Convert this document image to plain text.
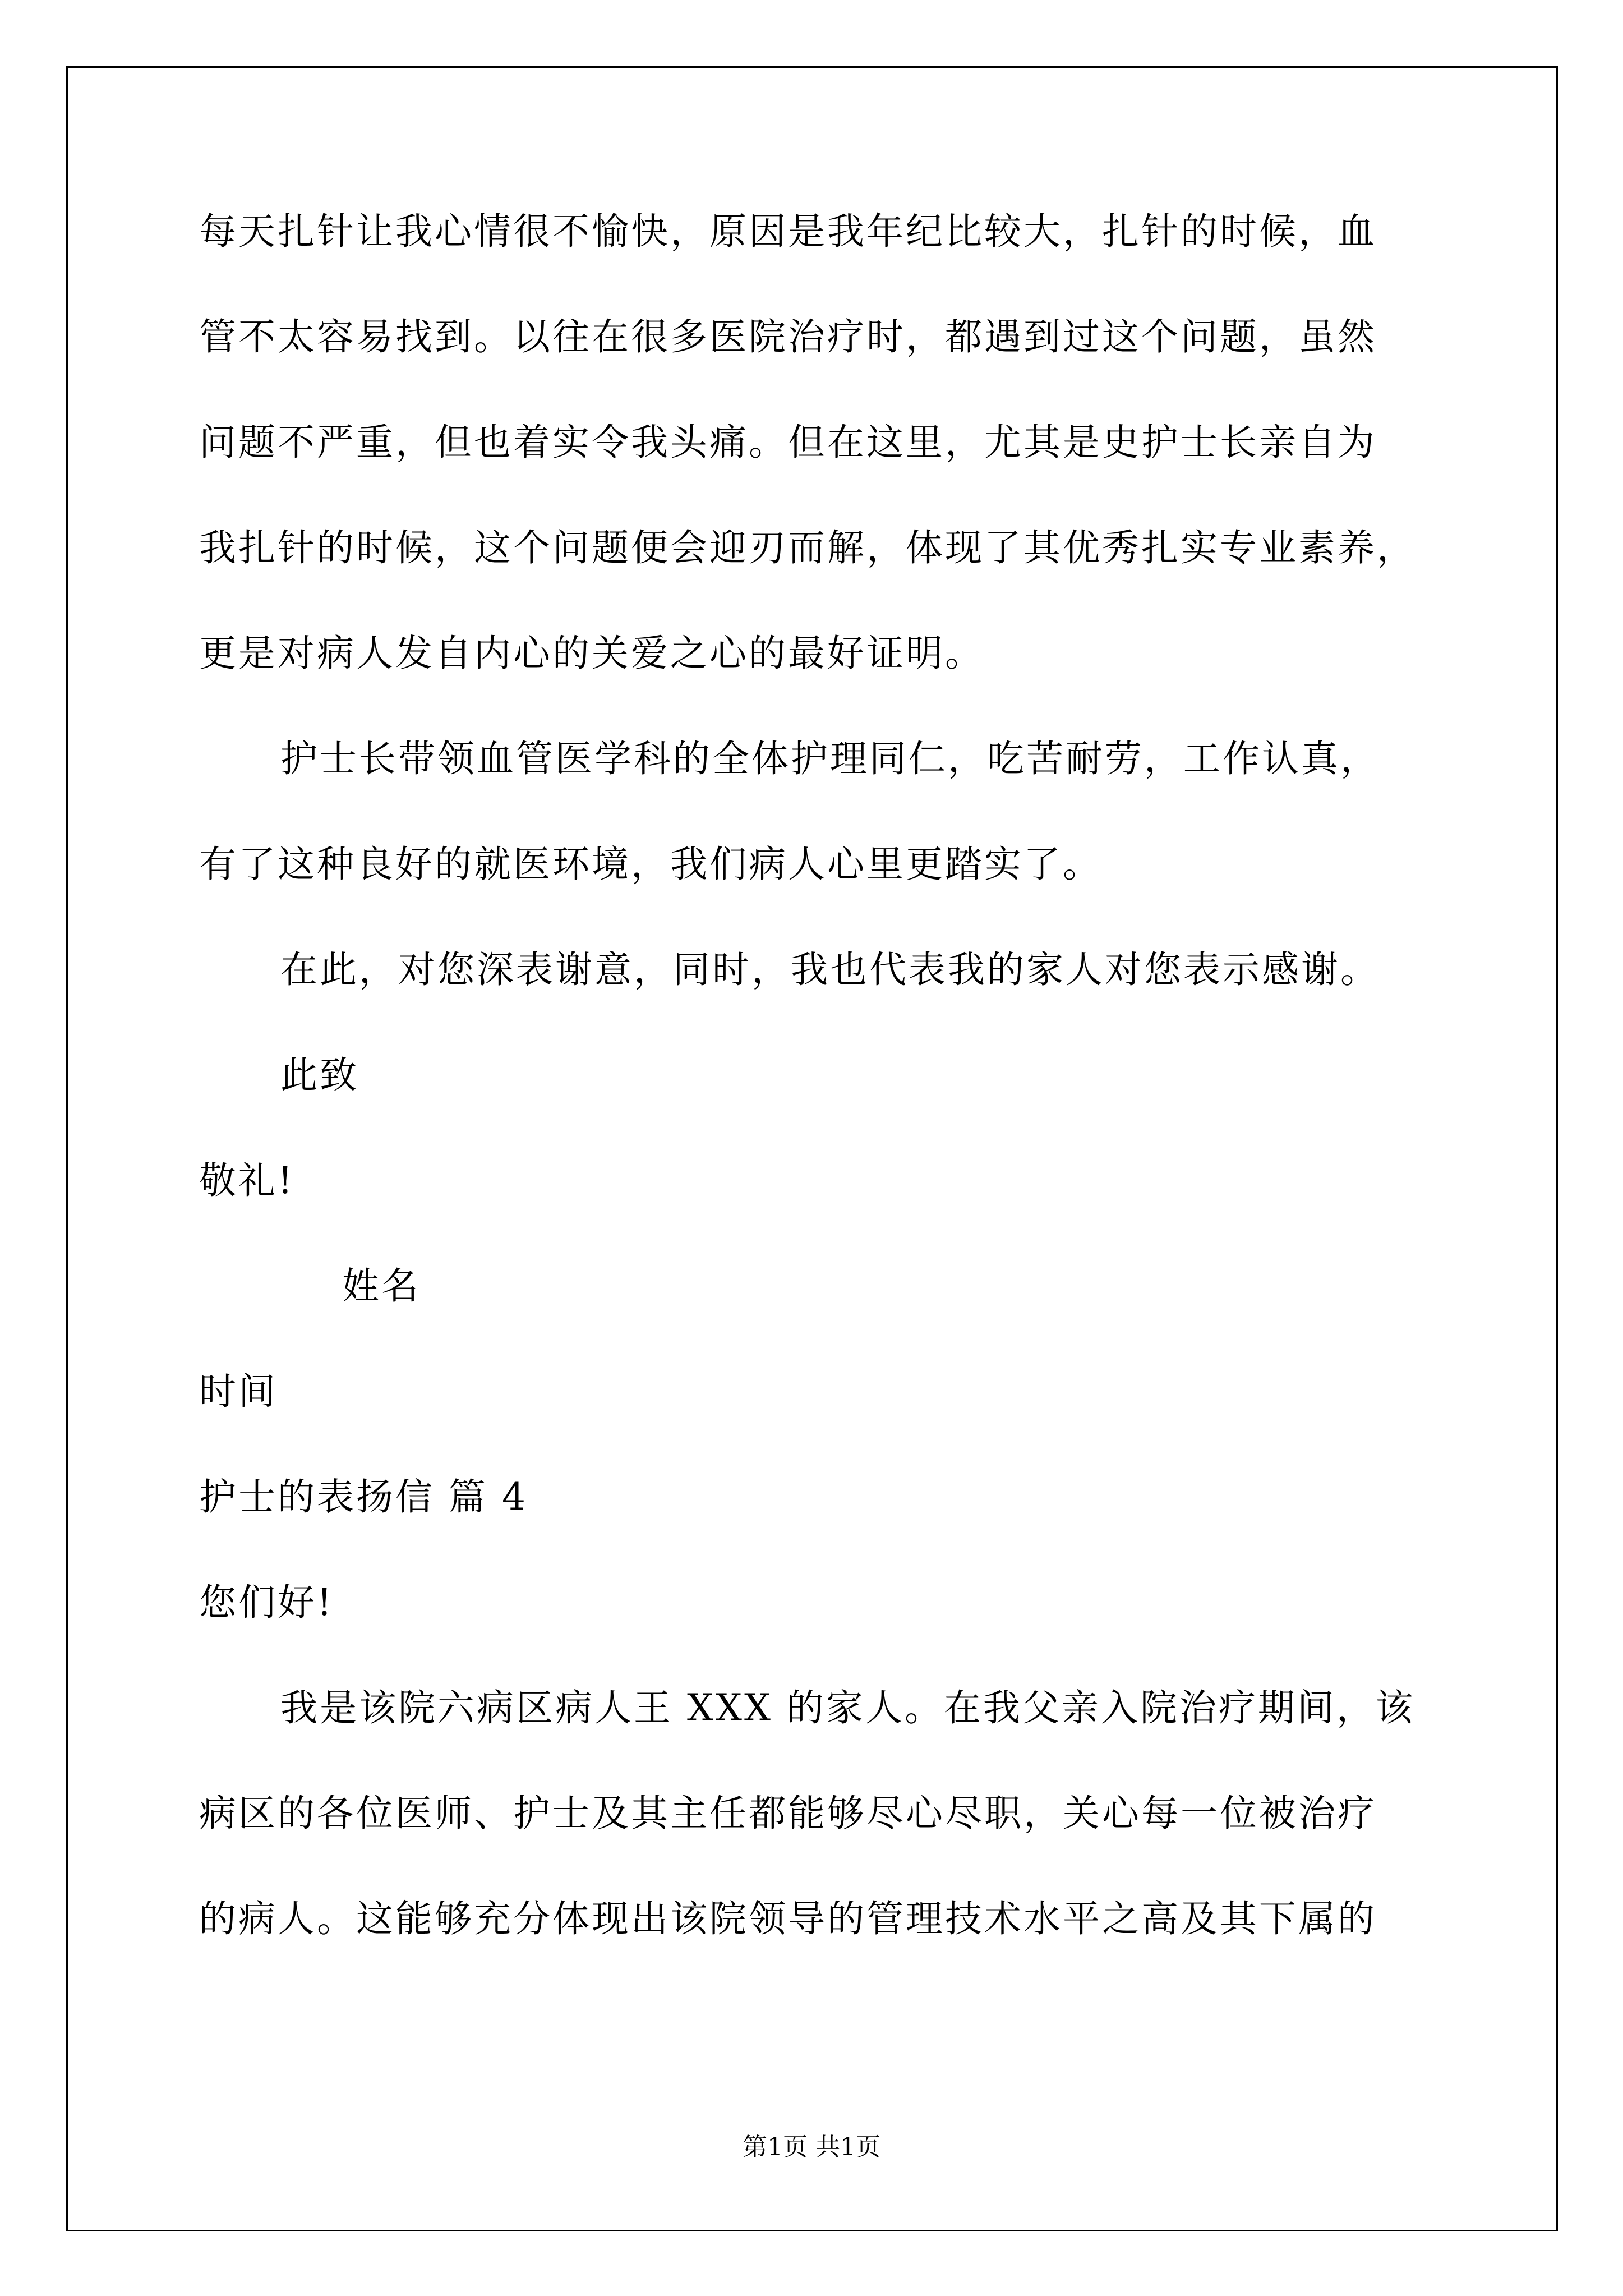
每天扎针让我心情很不愉快，原因是我年纪比较大，扎针的时候，血
管不太容易找到。以往在很多医院治疗时，都遇到过这个问题，虽然
问题不严重，但也着实令我头痛。但在这里，尤其是史护士长亲自为
我扎针的时候，这个问题便会迎刃而解，体现了其优秀扎实专业素养，
更是对病人发自内心的关爱之心的最好证明。
护士长带领血管医学科的全体护理同仁，吃苦耐劳，工作认真，
有了这种良好的就医环境，我们病人心里更踏实了。
在此，对您深表谢意，同时，我也代表我的家人对您表示感谢。
此致
敬礼!
姓名
时间
护士的表扬信 篇 4
您们好!
我是该院六病区病人王 XXX 的家人。在我父亲入院治疗期间，该
病区的各位医师、护士及其主任都能够尽心尽职，关心每一位被治疗
的病人。这能够充分体现出该院领导的管理技术水平之高及其下属的
第1页 共1页
